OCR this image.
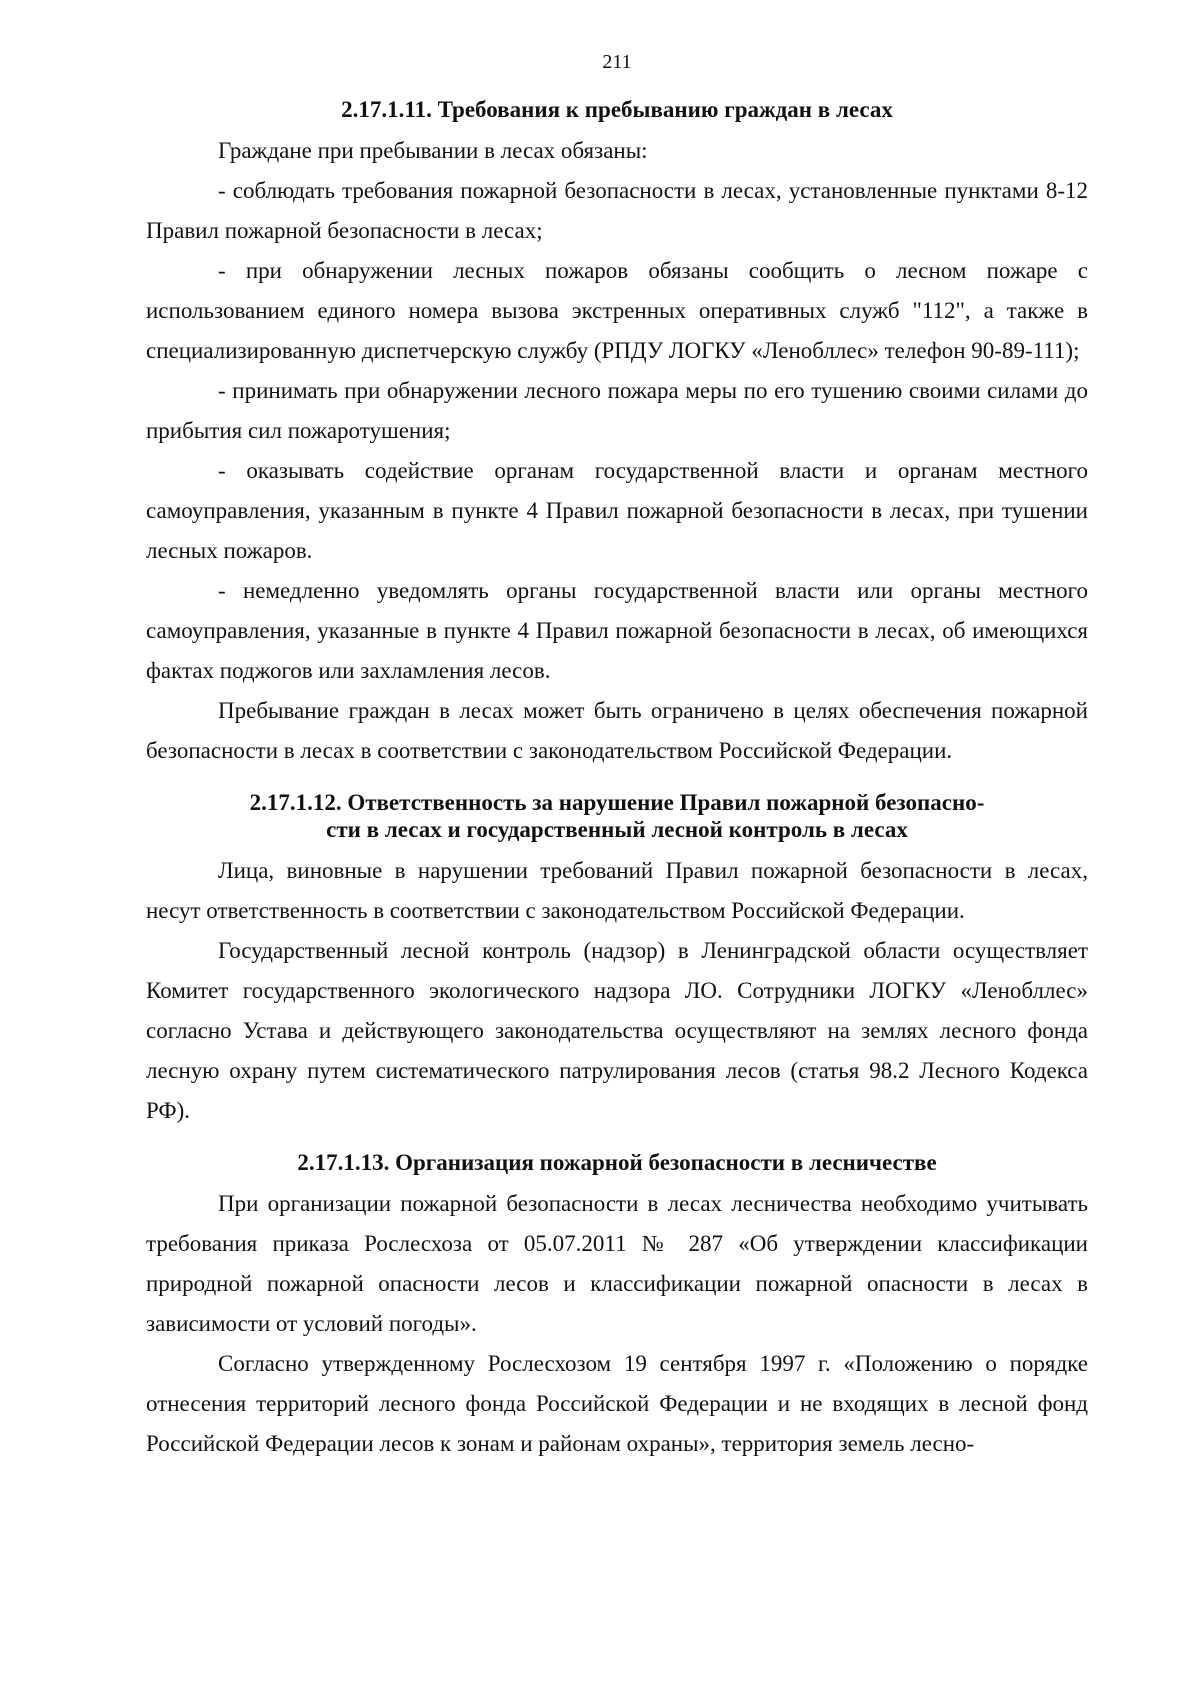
211
2.17.1.11. Требования к пребыванию граждан в лесах

Граждане при пребывании в лесах обязаны:

- соблюдать требования пожарной безопасности в лесах, установленные пунктами 8-12 Правил пожарной безопасности в лесах;

- при обнаружении лесных пожаров обязаны сообщить о лесном пожаре с использованием единого номера вызова экстренных оперативных служб "112", а также в специализированную диспетчерскую службу (РПДУ ЛОГКУ «Ленобллес» телефон 90-89-111);

- принимать при обнаружении лесного пожара меры по его тушению своими силами до прибытия сил пожаротушения;

- оказывать содействие органам государственной власти и органам местного самоуправления, указанным в пункте 4 Правил пожарной безопасности в лесах, при тушении лесных пожаров.

- немедленно уведомлять органы государственной власти или органы местного самоуправления, указанные в пункте 4 Правил пожарной безопасности в лесах, об имеющихся фактах поджогов или захламления лесов.

Пребывание граждан в лесах может быть ограничено в целях обеспечения пожарной безопасности в лесах в соответствии с законодательством Российской Федерации.

2.17.1.12. Ответственность за нарушение Правил пожарной безопасно-
сти в лесах и государственный лесной контроль в лесах

Лица, виновные в нарушении требований Правил пожарной безопасности в лесах, несут ответственность в соответствии с законодательством Российской Федерации.

Государственный лесной контроль (надзор) в Ленинградской области осуществляет Комитет государственного экологического надзора ЛО. Сотрудники ЛОГКУ «Ленобллес» согласно Устава и действующего законодательства осуществляют на землях лесного фонда лесную охрану путем систематического патрулирования лесов (статья 98.2 Лесного Кодекса РФ).

2.17.1.13. Организация пожарной безопасности в лесничестве

При организации пожарной безопасности в лесах лесничества необходимо учитывать требования приказа Рослесхоза от 05.07.2011 № 287 «Об утверждении классификации природной пожарной опасности лесов и классификации пожарной опасности в лесах в зависимости от условий погоды».

Согласно утвержденному Рослесхозом 19 сентября 1997 г. «Положению о порядке отнесения территорий лесного фонда Российской Федерации и не входящих в лесной фонд Российской Федерации лесов к зонам и районам охраны», территория земель лесно-
